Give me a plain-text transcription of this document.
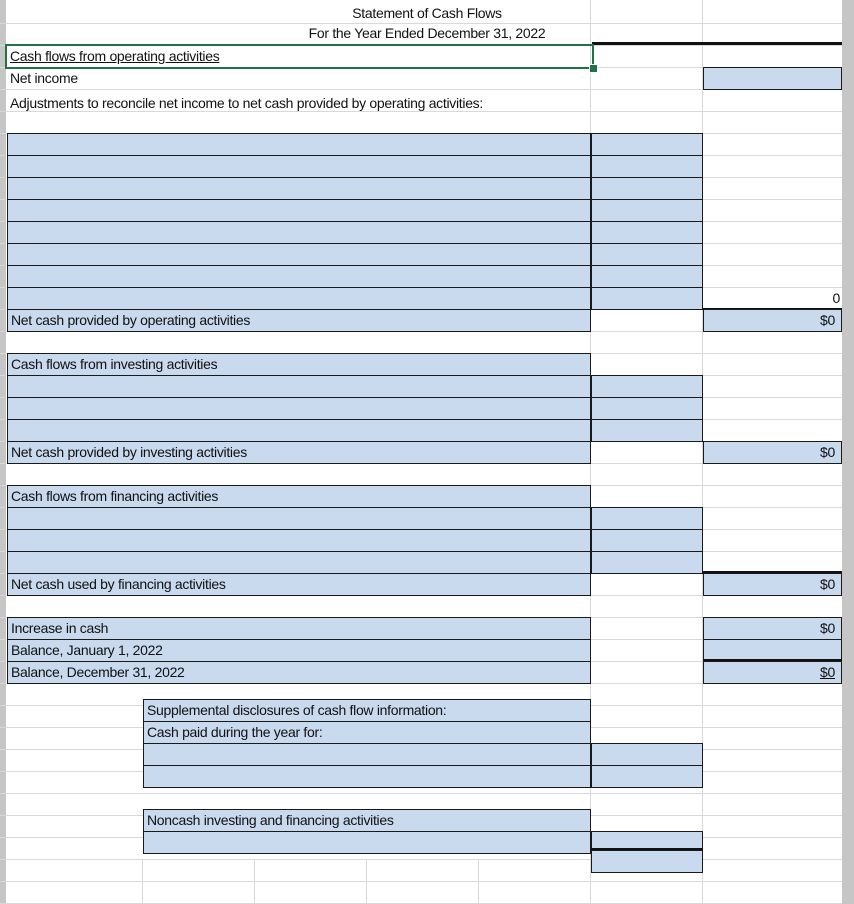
Statement of Cash Flows
For the Year Ended December 31, 2022
Cash flows from operating activities
Net income
Adjustments to reconcile net income to net cash provided by operating activities:
0
Net cash provided by operating activities	$0
Cash flows from investing activities
Net cash provided by investing activities	$0
Cash flows from financing activities
Net cash used by financing activities	$0
Increase in cash	$0
Balance, January 1, 2022
Balance, December 31, 2022	$0
Supplemental disclosures of cash flow information:
Cash paid during the year for:
Noncash investing and financing activities
